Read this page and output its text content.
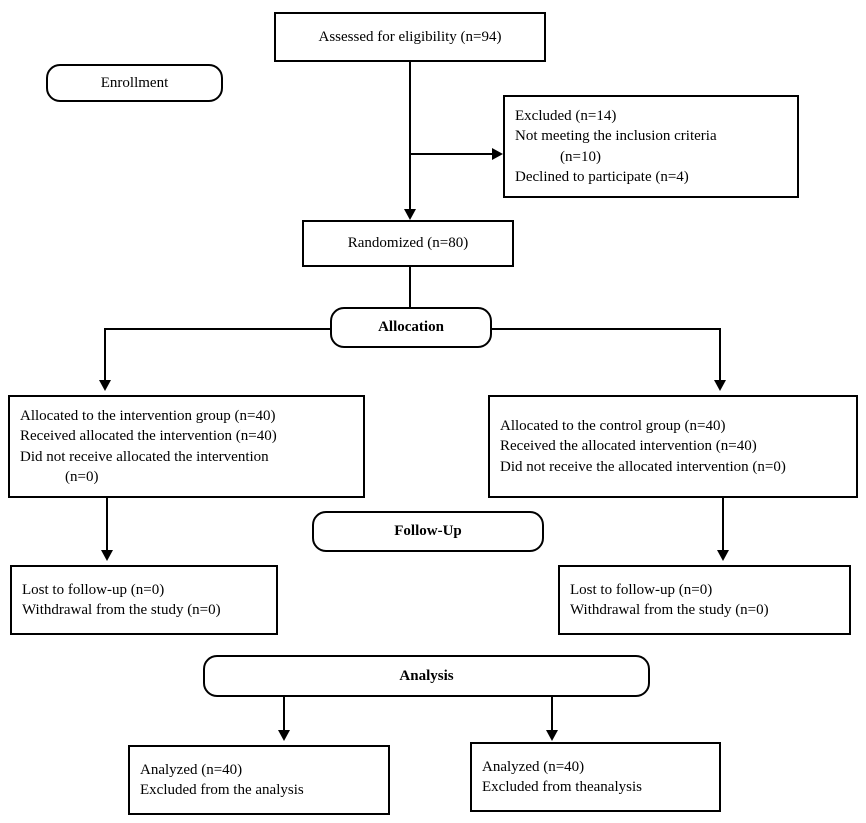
Assessed for eligibility (n=94)
Enrollment
Excluded (n=14)
Not meeting the inclusion criteria
(n=10)
Declined to participate (n=4)
Randomized (n=80)
Allocation
Allocated to the intervention group (n=40)
Received allocated the intervention (n=40)
Did not receive allocated the intervention
(n=0)
Allocated to the control group (n=40)
Received the allocated intervention (n=40)
Did not receive the allocated intervention (n=0)
Follow-Up
Lost to follow-up (n=0)
Withdrawal from the study (n=0)
Lost to follow-up (n=0)
Withdrawal from the study (n=0)
Analysis
Analyzed (n=40)
Excluded from the analysis
Analyzed (n=40)
Excluded from theanalysis
